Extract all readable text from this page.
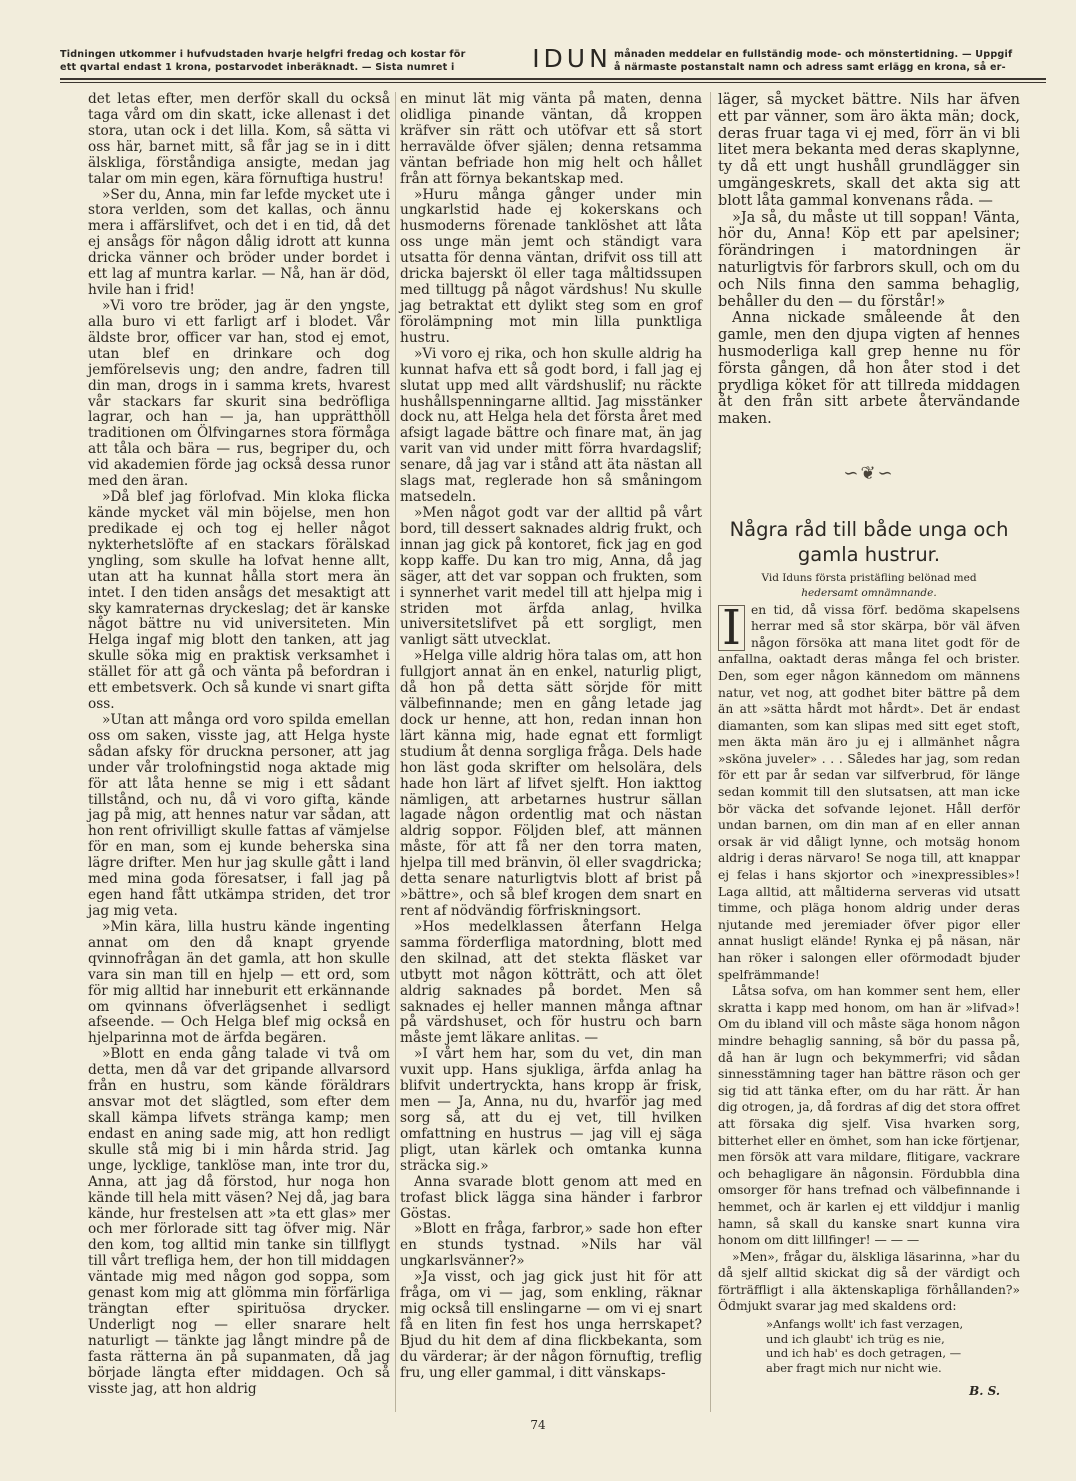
Tidningen utkommer i hufvudstaden hvarje helgfri fredag och kostar för
ett qvartal endast 1 krona, postarvodet inberäknadt. — Sista numret i	IDUN månaden meddelar en fullständig mode- och mönstertidning. — Uppgif
å närmaste postanstalt namn och adress samt erlägg en krona, så er-

det letas efter, men derför skall du också taga vård om din skatt, icke allenast i det stora, utan ock i det lilla. Kom, så sätta vi oss här, barnet mitt, så får jag se in i ditt älskliga, förståndiga ansigte, medan jag talar om min egen, kära förnuftiga hustru!

»Ser du, Anna, min far lefde mycket ute i stora verlden, som det kallas, och ännu mera i affärslifvet, och det i en tid, då det ej ansågs för någon dålig idrott att kunna dricka vänner och bröder under bordet i ett lag af muntra karlar. — Nå, han är död, hvile han i frid!

»Vi voro tre bröder, jag är den yngste, alla buro vi ett farligt arf i blodet. Vår äldste bror, officer var han, stod ej emot, utan blef en drinkare och dog jemförelsevis ung; den andre, fadren till din man, drogs in i samma krets, hvarest vår stackars far skurit sina bedröfliga lagrar, och han — ja, han upprätthöll traditionen om Ölfvingarnes stora förmåga att tåla och bära — rus, begriper du, och vid akademien förde jag också dessa runor med den äran.

»Då blef jag förlofvad. Min kloka flicka kände mycket väl min böjelse, men hon predikade ej och tog ej heller något nykterhetslöfte af en stackars förälskad yngling, som skulle ha lofvat henne allt, utan att ha kunnat hålla stort mera än intet. I den tiden ansågs det mesaktigt att sky kamraternas dryckeslag; det är kanske något bättre nu vid universiteten. Min Helga ingaf mig blott den tanken, att jag skulle söka mig en praktisk verksamhet i stället för att gå och vänta på befordran i ett embetsverk. Och så kunde vi snart gifta oss.

»Utan att många ord voro spilda emellan oss om saken, visste jag, att Helga hyste sådan afsky för druckna personer, att jag under vår trolofningstid noga aktade mig för att låta henne se mig i ett sådant tillstånd, och nu, då vi voro gifta, kände jag på mig, att hennes natur var sådan, att hon rent ofrivilligt skulle fattas af vämjelse för en man, som ej kunde beherska sina lägre drifter. Men hur jag skulle gått i land med mina goda föresatser, i fall jag på egen hand fått utkämpa striden, det tror jag mig veta.

»Min kära, lilla hustru kände ingenting annat om den då knapt gryende qvinnofrågan än det gamla, att hon skulle vara sin man till en hjelp — ett ord, som för mig alltid har inneburit ett erkännande om qvinnans öfverlägsenhet i sedligt afseende. — Och Helga blef mig också en hjelparinna mot de ärfda begären.

»Blott en enda gång talade vi två om detta, men då var det gripande allvarsord från en hustru, som kände föräldrars ansvar mot det slägtled, som efter dem skall kämpa lifvets stränga kamp; men endast en aning sade mig, att hon redligt skulle stå mig bi i min hårda strid. Jag unge, lycklige, tanklöse man, inte tror du, Anna, att jag då förstod, hur noga hon kände till hela mitt väsen? Nej då, jag bara kände, hur frestelsen att »ta ett glas» mer och mer förlorade sitt tag öfver mig. När den kom, tog alltid min tanke sin tillflygt till vårt trefliga hem, der hon till middagen väntade mig med någon god soppa, som genast kom mig att glömma min förfärliga trängtan efter spirituösa drycker. Underligt nog — eller snarare helt naturligt — tänkte jag långt mindre på de fasta rätterna än på supanmaten, då jag började längta efter middagen. Och så visste jag, att hon aldrig

en minut lät mig vänta på maten, denna olidliga pinande väntan, då kroppen kräfver sin rätt och utöfvar ett så stort herravälde öfver själen; denna retsamma väntan befriade hon mig helt och hållet från att förnya bekantskap med.

»Huru många gånger under min ungkarlstid hade ej kokerskans och husmoderns förenade tanklöshet att låta oss unge män jemt och ständigt vara utsatta för denna väntan, drifvit oss till att dricka bajerskt öl eller taga måltidssupen med tilltugg på något värdshus! Nu skulle jag betraktat ett dylikt steg som en grof förolämpning mot min lilla punktliga hustru.

»Vi voro ej rika, och hon skulle aldrig ha kunnat hafva ett så godt bord, i fall jag ej slutat upp med allt värdshuslif; nu räckte hushållspenningarne alltid. Jag misstänker dock nu, att Helga hela det första året med afsigt lagade bättre och finare mat, än jag varit van vid under mitt förra hvardagslif; senare, då jag var i stånd att äta nästan all slags mat, reglerade hon så småningom matsedeln.

»Men något godt var der alltid på vårt bord, till dessert saknades aldrig frukt, och innan jag gick på kontoret, fick jag en god kopp kaffe. Du kan tro mig, Anna, då jag säger, att det var soppan och frukten, som i synnerhet varit medel till att hjelpa mig i striden mot ärfda anlag, hvilka universitetslifvet på ett sorgligt, men vanligt sätt utvecklat.

»Helga ville aldrig höra talas om, att hon fullgjort annat än en enkel, naturlig pligt, då hon på detta sätt sörjde för mitt välbefinnande; men en gång letade jag dock ur henne, att hon, redan innan hon lärt känna mig, hade egnat ett formligt studium åt denna sorgliga fråga. Dels hade hon läst goda skrifter om helsolära, dels hade hon lärt af lifvet sjelft. Hon iakttog nämligen, att arbetarnes hustrur sällan lagade någon ordentlig mat och nästan aldrig soppor. Följden blef, att männen måste, för att få ner den torra maten, hjelpa till med bränvin, öl eller svagdricka; detta senare naturligtvis blott af brist på »bättre», och så blef krogen dem snart en rent af nödvändig förfriskningsort.

»Hos medelklassen återfann Helga samma förderfliga matordning, blott med den skilnad, att det stekta fläsket var utbytt mot någon kötträtt, och att ölet aldrig saknades på bordet. Men så saknades ej heller mannen många aftnar på värdshuset, och för hustru och barn måste jemt läkare anlitas. —

»I vårt hem har, som du vet, din man vuxit upp. Hans sjukliga, ärfda anlag ha blifvit undertryckta, hans kropp är frisk, men — Ja, Anna, nu du, hvarför jag med sorg så, att du ej vet, till hvilken omfattning en hustrus — jag vill ej säga pligt, utan kärlek och omtanka kunna sträcka sig.»

Anna svarade blott genom att med en trofast blick lägga sina händer i farbror Göstas.

»Blott en fråga, farbror,» sade hon efter en stunds tystnad. »Nils har väl ungkarlsvänner?»

»Ja visst, och jag gick just hit för att fråga, om vi — jag, som enkling, räknar mig också till enslingarne — om vi ej snart få en liten fin fest hos unga herrskapet? Bjud du hit dem af dina flickbekanta, som du värderar; är der någon förnuftig, treflig fru, ung eller gammal, i ditt vänskaps-

läger, så mycket bättre. Nils har äfven ett par vänner, som äro äkta män; dock, deras fruar taga vi ej med, förr än vi bli litet mera bekanta med deras skaplynne, ty då ett ungt hushåll grundlägger sin umgängeskrets, skall det akta sig att blott låta gammal konvenans råda. —

»Ja så, du måste ut till soppan! Vänta, hör du, Anna! Köp ett par apelsiner; förändringen i matordningen är naturligtvis för farbrors skull, och om du och Nils finna den samma behaglig, behåller du den — du förstår!»

Anna nickade småleende åt den gamle, men den djupa vigten af hennes husmoderliga kall grep henne nu för första gången, då hon åter stod i det prydliga köket för att tillreda middagen åt den från sitt arbete återvändande maken.

∽❦∽
Några råd till både unga och
gamla hustrur.

Vid Iduns första pristäfling belönad med

hedersamt omnämnande.

I en tid, då vissa förf. bedöma skapelsens herrar med så stor skärpa, bör väl äfven någon försöka att mana litet godt för de anfallna, oaktadt deras många fel och brister. Den, som eger någon kännedom om männens natur, vet nog, att godhet biter bättre på dem än att »sätta hårdt mot hårdt». Det är endast diamanten, som kan slipas med sitt eget stoft, men äkta män äro ju ej i allmänhet några »sköna juveler» . . . Således har jag, som redan för ett par år sedan var silfverbrud, för länge sedan kommit till den slutsatsen, att man icke bör väcka det sofvande lejonet. Håll derför undan barnen, om din man af en eller annan orsak är vid dåligt lynne, och motsäg honom aldrig i deras närvaro! Se noga till, att knappar ej felas i hans skjortor och »inexpressibles»! Laga alltid, att måltiderna serveras vid utsatt timme, och pläga honom aldrig under deras njutande med jeremiader öfver pigor eller annat husligt elände! Rynka ej på näsan, när han röker i salongen eller oförmodadt bjuder spelfrämmande!

Låtsa sofva, om han kommer sent hem, eller skratta i kapp med honom, om han är »lifvad»! Om du ibland vill och måste säga honom någon mindre behaglig sanning, så bör du passa på, då han är lugn och bekymmerfri; vid sådan sinnesstämning tager han bättre räson och ger sig tid att tänka efter, om du har rätt. Är han dig otrogen, ja, då fordras af dig det stora offret att försaka dig sjelf. Visa hvarken sorg, bitterhet eller en ömhet, som han icke förtjenar, men försök att vara mildare, flitigare, vackrare och behagligare än någonsin. Fördubbla dina omsorger för hans trefnad och välbefinnande i hemmet, och är karlen ej ett vilddjur i manlig hamn, så skall du kanske snart kunna vira honom om ditt lillfinger! — — —

»Men», frågar du, älskliga läsarinna, »har du då sjelf alltid skickat dig så der värdigt och förträffligt i alla äktenskapliga förhållanden?» Ödmjukt svarar jag med skaldens ord:

»Anfangs wollt' ich fast verzagen,
und ich glaubt' ich trüg es nie,
und ich hab' es doch getragen, —
aber fragt mich nur nicht wie.
B. S.
74
